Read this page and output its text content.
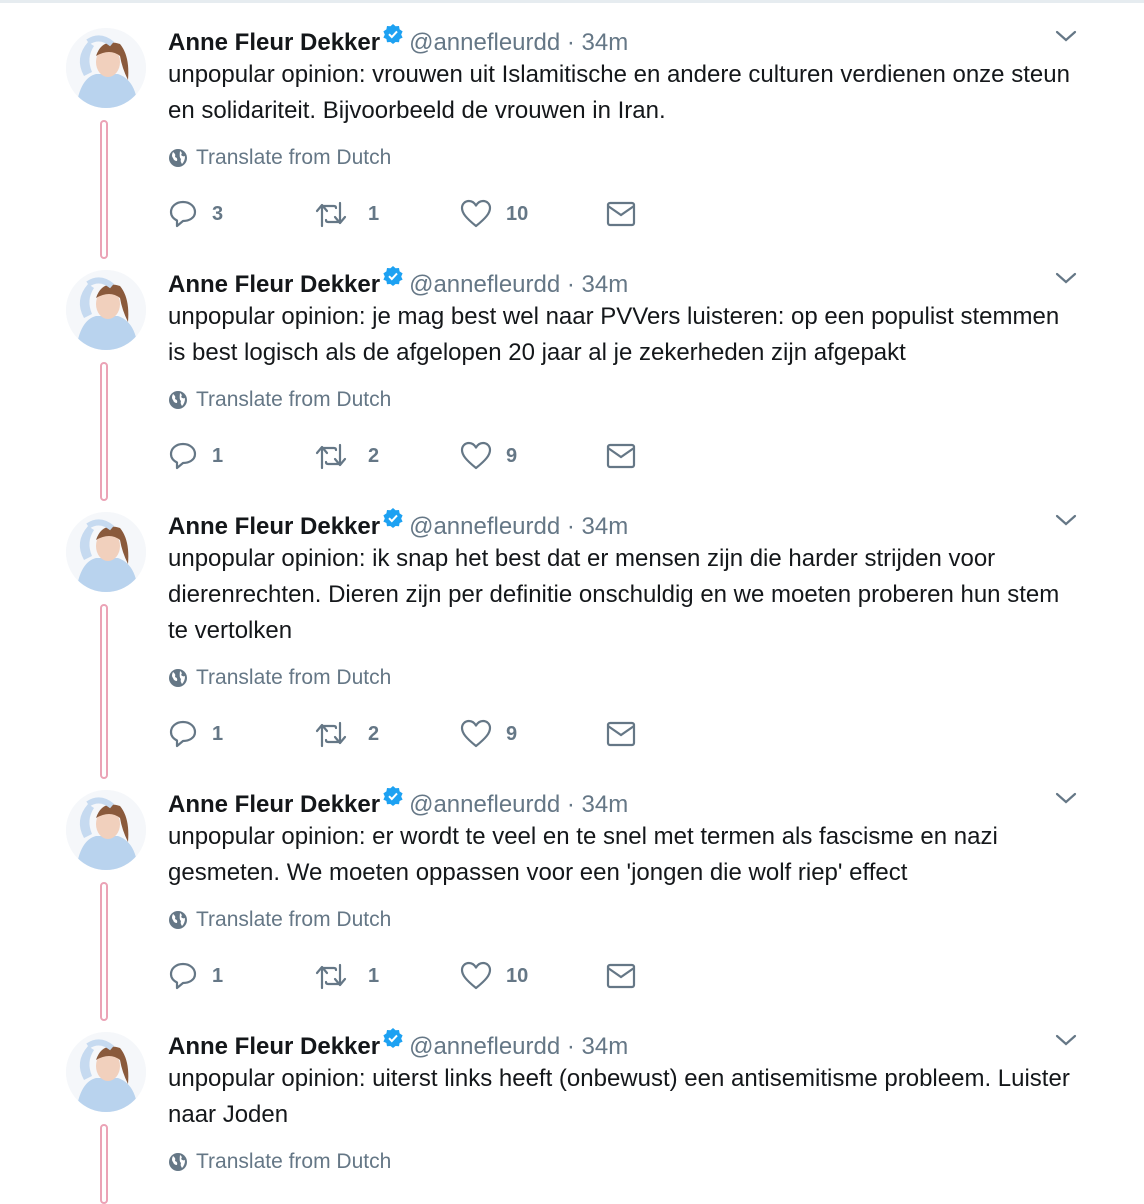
Anne Fleur Dekker @annefleurdd · 34m
unpopular opinion: vrouwen uit Islamitische en andere culturen verdienen onze steun en solidariteit. Bijvoorbeeld de vrouwen in Iran.
Translate from Dutch
3	1	10
Anne Fleur Dekker @annefleurdd · 34m
unpopular opinion: je mag best wel naar PVVers luisteren: op een populist stemmen is best logisch als de afgelopen 20 jaar al je zekerheden zijn afgepakt
Translate from Dutch
1	2	9
Anne Fleur Dekker @annefleurdd · 34m
unpopular opinion: ik snap het best dat er mensen zijn die harder strijden voor dierenrechten. Dieren zijn per definitie onschuldig en we moeten proberen hun stem te vertolken
Translate from Dutch
1	2	9
Anne Fleur Dekker @annefleurdd · 34m
unpopular opinion: er wordt te veel en te snel met termen als fascisme en nazi gesmeten. We moeten oppassen voor een 'jongen die wolf riep' effect
Translate from Dutch
1	1	10
Anne Fleur Dekker @annefleurdd · 34m
unpopular opinion: uiterst links heeft (onbewust) een antisemitisme probleem. Luister naar Joden
Translate from Dutch
